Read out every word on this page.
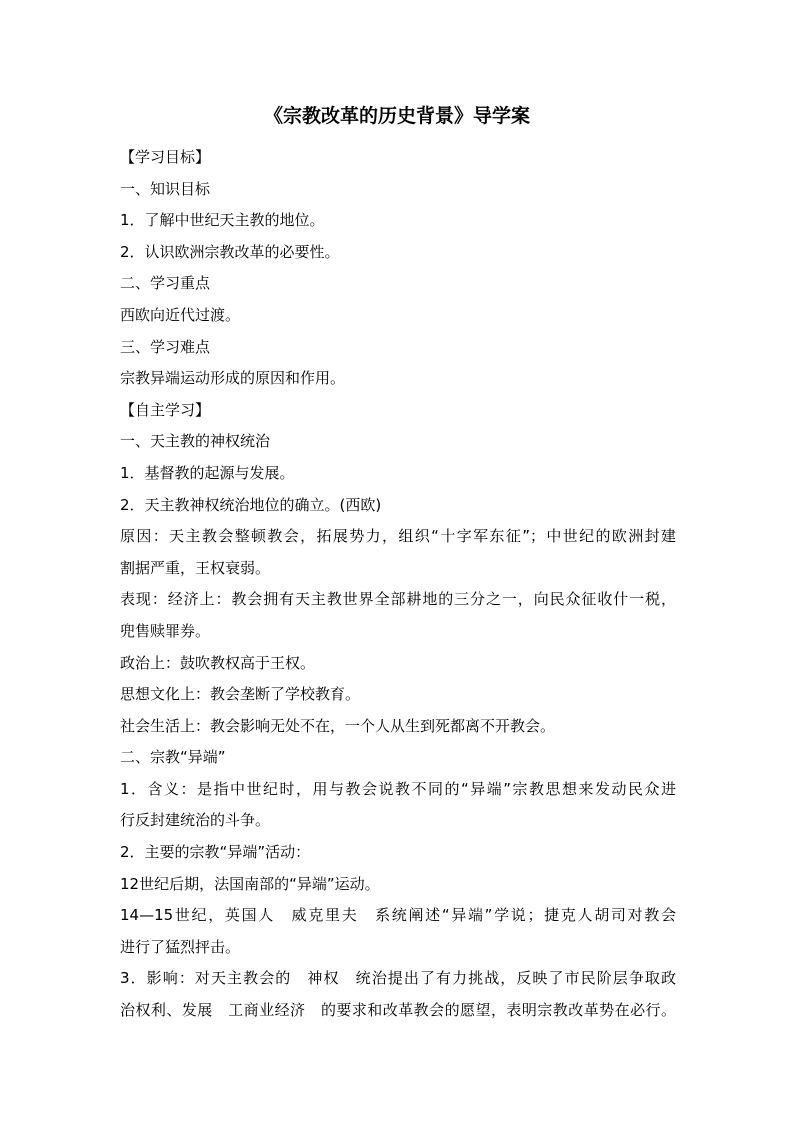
《宗教改革的历史背景》导学案
【学习目标】
一、知识目标
1．了解中世纪天主教的地位。
2．认识欧洲宗教改革的必要性。
二、学习重点
西欧向近代过渡。
三、学习难点
宗教异端运动形成的原因和作用。
【自主学习】
一、天主教的神权统治
1．基督教的起源与发展。
2．天主教神权统治地位的确立。(西欧)
原因：天主教会整顿教会，拓展势力，组织“十字军东征”；中世纪的欧洲封建
割据严重，王权衰弱。
表现：经济上：教会拥有天主教世界全部耕地的三分之一，向民众征收什一税，
兜售赎罪券。
政治上：鼓吹教权高于王权。
思想文化上：教会垄断了学校教育。
社会生活上：教会影响无处不在，一个人从生到死都离不开教会。
二、宗教“异端”
1．含义：是指中世纪时，用与教会说教不同的“异端”宗教思想来发动民众进
行反封建统治的斗争。
2．主要的宗教“异端”活动：
12世纪后期，法国南部的“异端”运动。
14—15世纪，英国人　威克里夫　系统阐述“异端”学说；捷克人胡司对教会
进行了猛烈抨击。
3．影响：对天主教会的　神权　统治提出了有力挑战，反映了市民阶层争取政
治权利、发展　工商业经济　的要求和改革教会的愿望，表明宗教改革势在必行。
